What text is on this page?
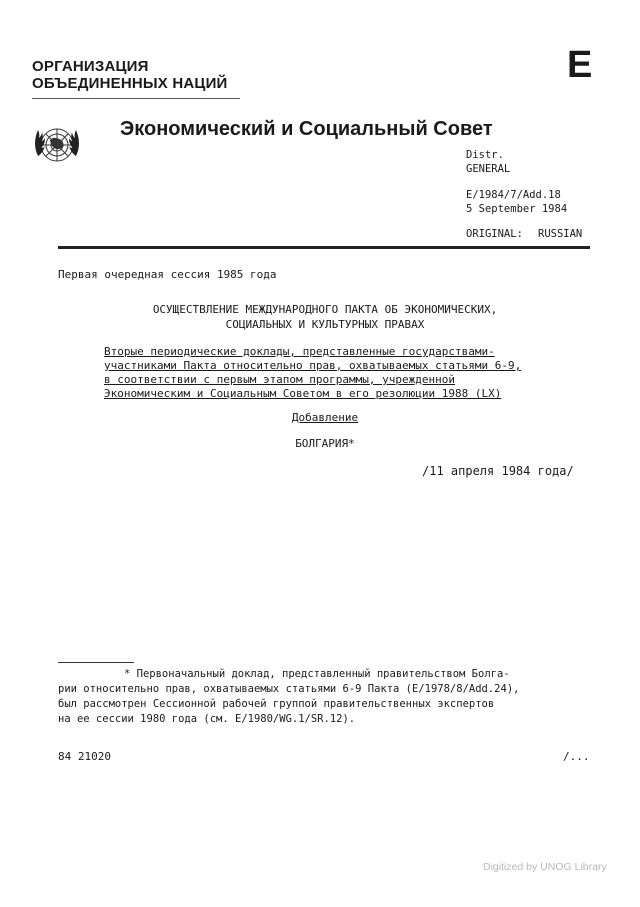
ОРГАНИЗАЦИЯ
ОБЪЕДИНЕННЫХ НАЦИЙ	E
Экономический и Социальный Совет
Distr.
GENERAL
E/1984/7/Add.18
5 September 1984
ORIGINAL: RUSSIAN
Первая очередная сессия 1985 года
ОСУЩЕСТВЛЕНИЕ МЕЖДУНАРОДНОГО ПАКТА ОБ ЭКОНОМИЧЕСКИХ,
СОЦИАЛЬНЫХ И КУЛЬТУРНЫХ ПРАВАХ
Вторые периодические доклады, представленные государствами-
участниками Пакта относительно прав, охватываемых статьями 6-9,
в соответствии с первым этапом программы, учрежденной
Экономическим и Социальным Советом в его резолюции 1988 (LX)
Добавление
БОЛГАРИЯ*
/11 апреля 1984 года/
* Первоначальный доклад, представленный правительством Болга-
рии относительно прав, охватываемых статьями 6-9 Пакта (E/1978/8/Add.24),
был рассмотрен Сессионной рабочей группой правительственных экспертов
на ее сессии 1980 года (см. E/1980/WG.1/SR.12).
84 21020	/...
Digitized by UNOG Library
